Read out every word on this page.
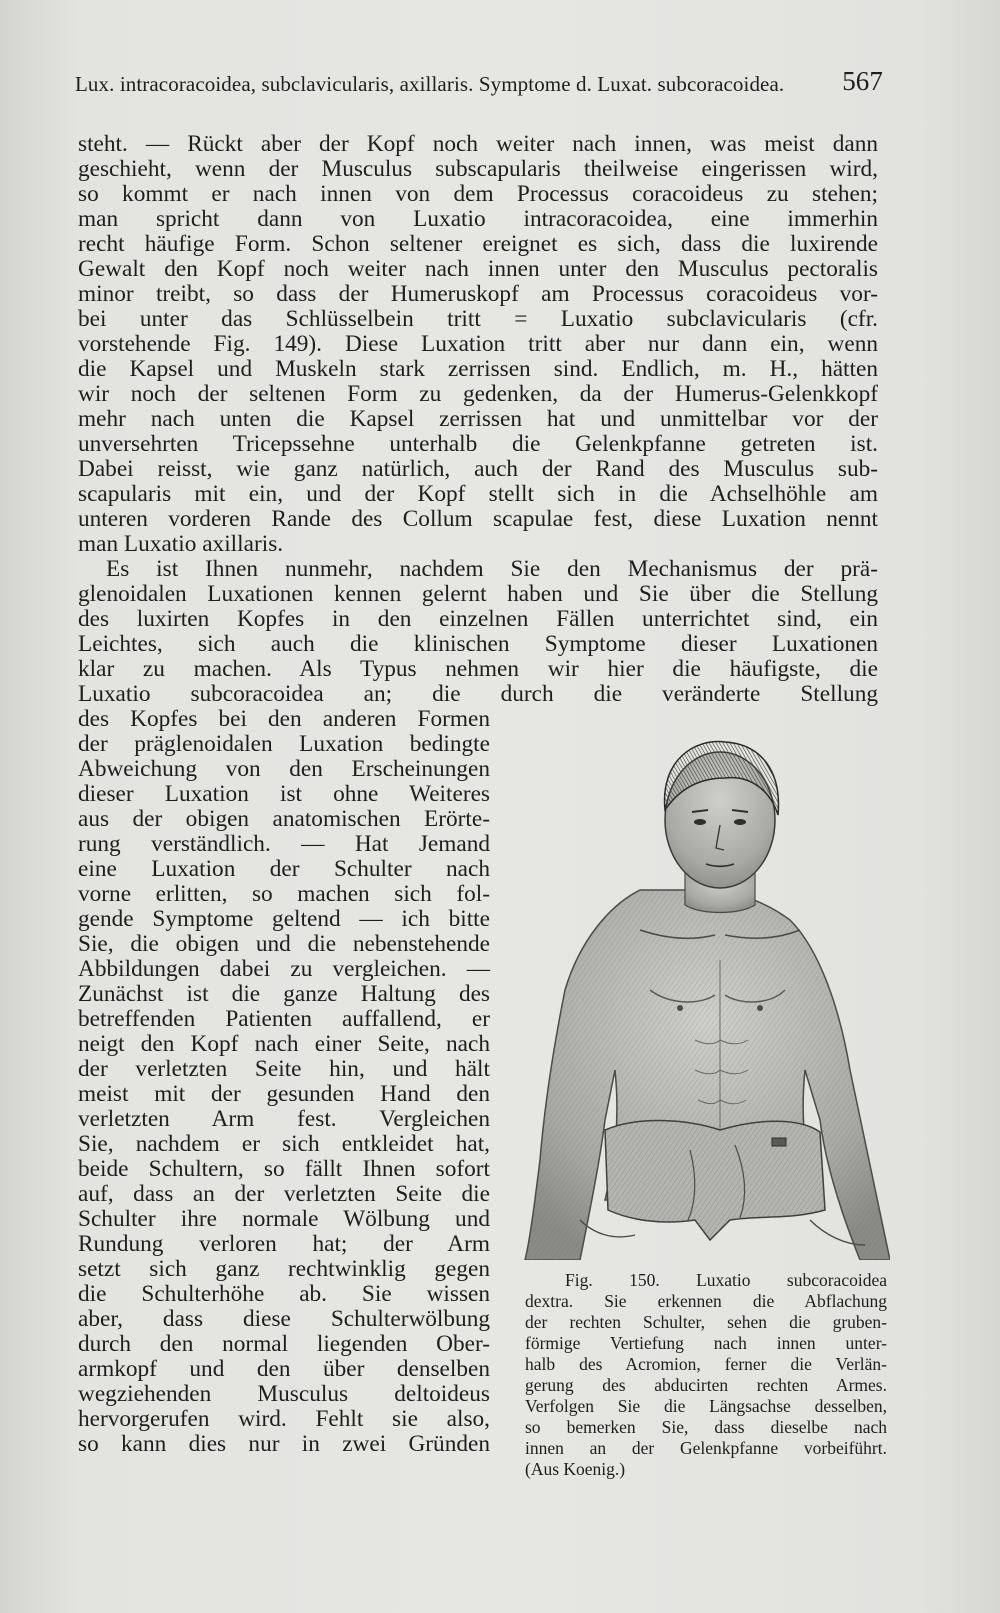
Lux. intracoracoidea, subclavicularis, axillaris. Symptome d. Luxat. subcoracoidea. 567
steht. — Rückt aber der Kopf noch weiter nach innen, was meist dann
geschieht, wenn der Musculus subscapularis theilweise eingerissen wird,
so kommt er nach innen von dem Processus coracoideus zu stehen;
man spricht dann von Luxatio intracoracoidea, eine immerhin
recht häufige Form. Schon seltener ereignet es sich, dass die luxirende
Gewalt den Kopf noch weiter nach innen unter den Musculus pectoralis
minor treibt, so dass der Humeruskopf am Processus coracoideus vor-
bei unter das Schlüsselbein tritt = Luxatio subclavicularis (cfr.
vorstehende Fig. 149). Diese Luxation tritt aber nur dann ein, wenn
die Kapsel und Muskeln stark zerrissen sind. Endlich, m. H., hätten
wir noch der seltenen Form zu gedenken, da der Humerus-Gelenkkopf
mehr nach unten die Kapsel zerrissen hat und unmittelbar vor der
unversehrten Tricepssehne unterhalb die Gelenkpfanne getreten ist.
Dabei reisst, wie ganz natürlich, auch der Rand des Musculus sub-
scapularis mit ein, und der Kopf stellt sich in die Achselhöhle am
unteren vorderen Rande des Collum scapulae fest, diese Luxation nennt
man Luxatio axillaris.
Es ist Ihnen nunmehr, nachdem Sie den Mechanismus der prä-
glenoidalen Luxationen kennen gelernt haben und Sie über die Stellung
des luxirten Kopfes in den einzelnen Fällen unterrichtet sind, ein
Leichtes, sich auch die klinischen Symptome dieser Luxationen
klar zu machen. Als Typus nehmen wir hier die häufigste, die
Luxatio subcoracoidea an; die durch die veränderte Stellung
des Kopfes bei den anderen Formen
der präglenoidalen Luxation bedingte
Abweichung von den Erscheinungen
dieser Luxation ist ohne Weiteres
aus der obigen anatomischen Erörte-
rung verständlich. — Hat Jemand
eine Luxation der Schulter nach
vorne erlitten, so machen sich fol-
gende Symptome geltend — ich bitte
Sie, die obigen und die nebenstehende
Abbildungen dabei zu vergleichen. —
Zunächst ist die ganze Haltung des
betreffenden Patienten auffallend, er
neigt den Kopf nach einer Seite, nach
der verletzten Seite hin, und hält
meist mit der gesunden Hand den
verletzten Arm fest. Vergleichen
Sie, nachdem er sich entkleidet hat,
beide Schultern, so fällt Ihnen sofort
auf, dass an der verletzten Seite die
Schulter ihre normale Wölbung und
Rundung verloren hat; der Arm
setzt sich ganz rechtwinklig gegen
die Schulterhöhe ab. Sie wissen
aber, dass diese Schulterwölbung
durch den normal liegenden Ober-
armkopf und den über denselben
wegziehenden Musculus deltoideus
hervorgerufen wird. Fehlt sie also,
so kann dies nur in zwei Gründen
Fig. 150. Luxatio subcoracoidea
dextra. Sie erkennen die Abflachung
der rechten Schulter, sehen die gruben-
förmige Vertiefung nach innen unter-
halb des Acromion, ferner die Verlän-
gerung des abducirten rechten Armes.
Verfolgen Sie die Längsachse desselben,
so bemerken Sie, dass dieselbe nach
innen an der Gelenkpfanne vorbeiführt.
(Aus Koenig.)
